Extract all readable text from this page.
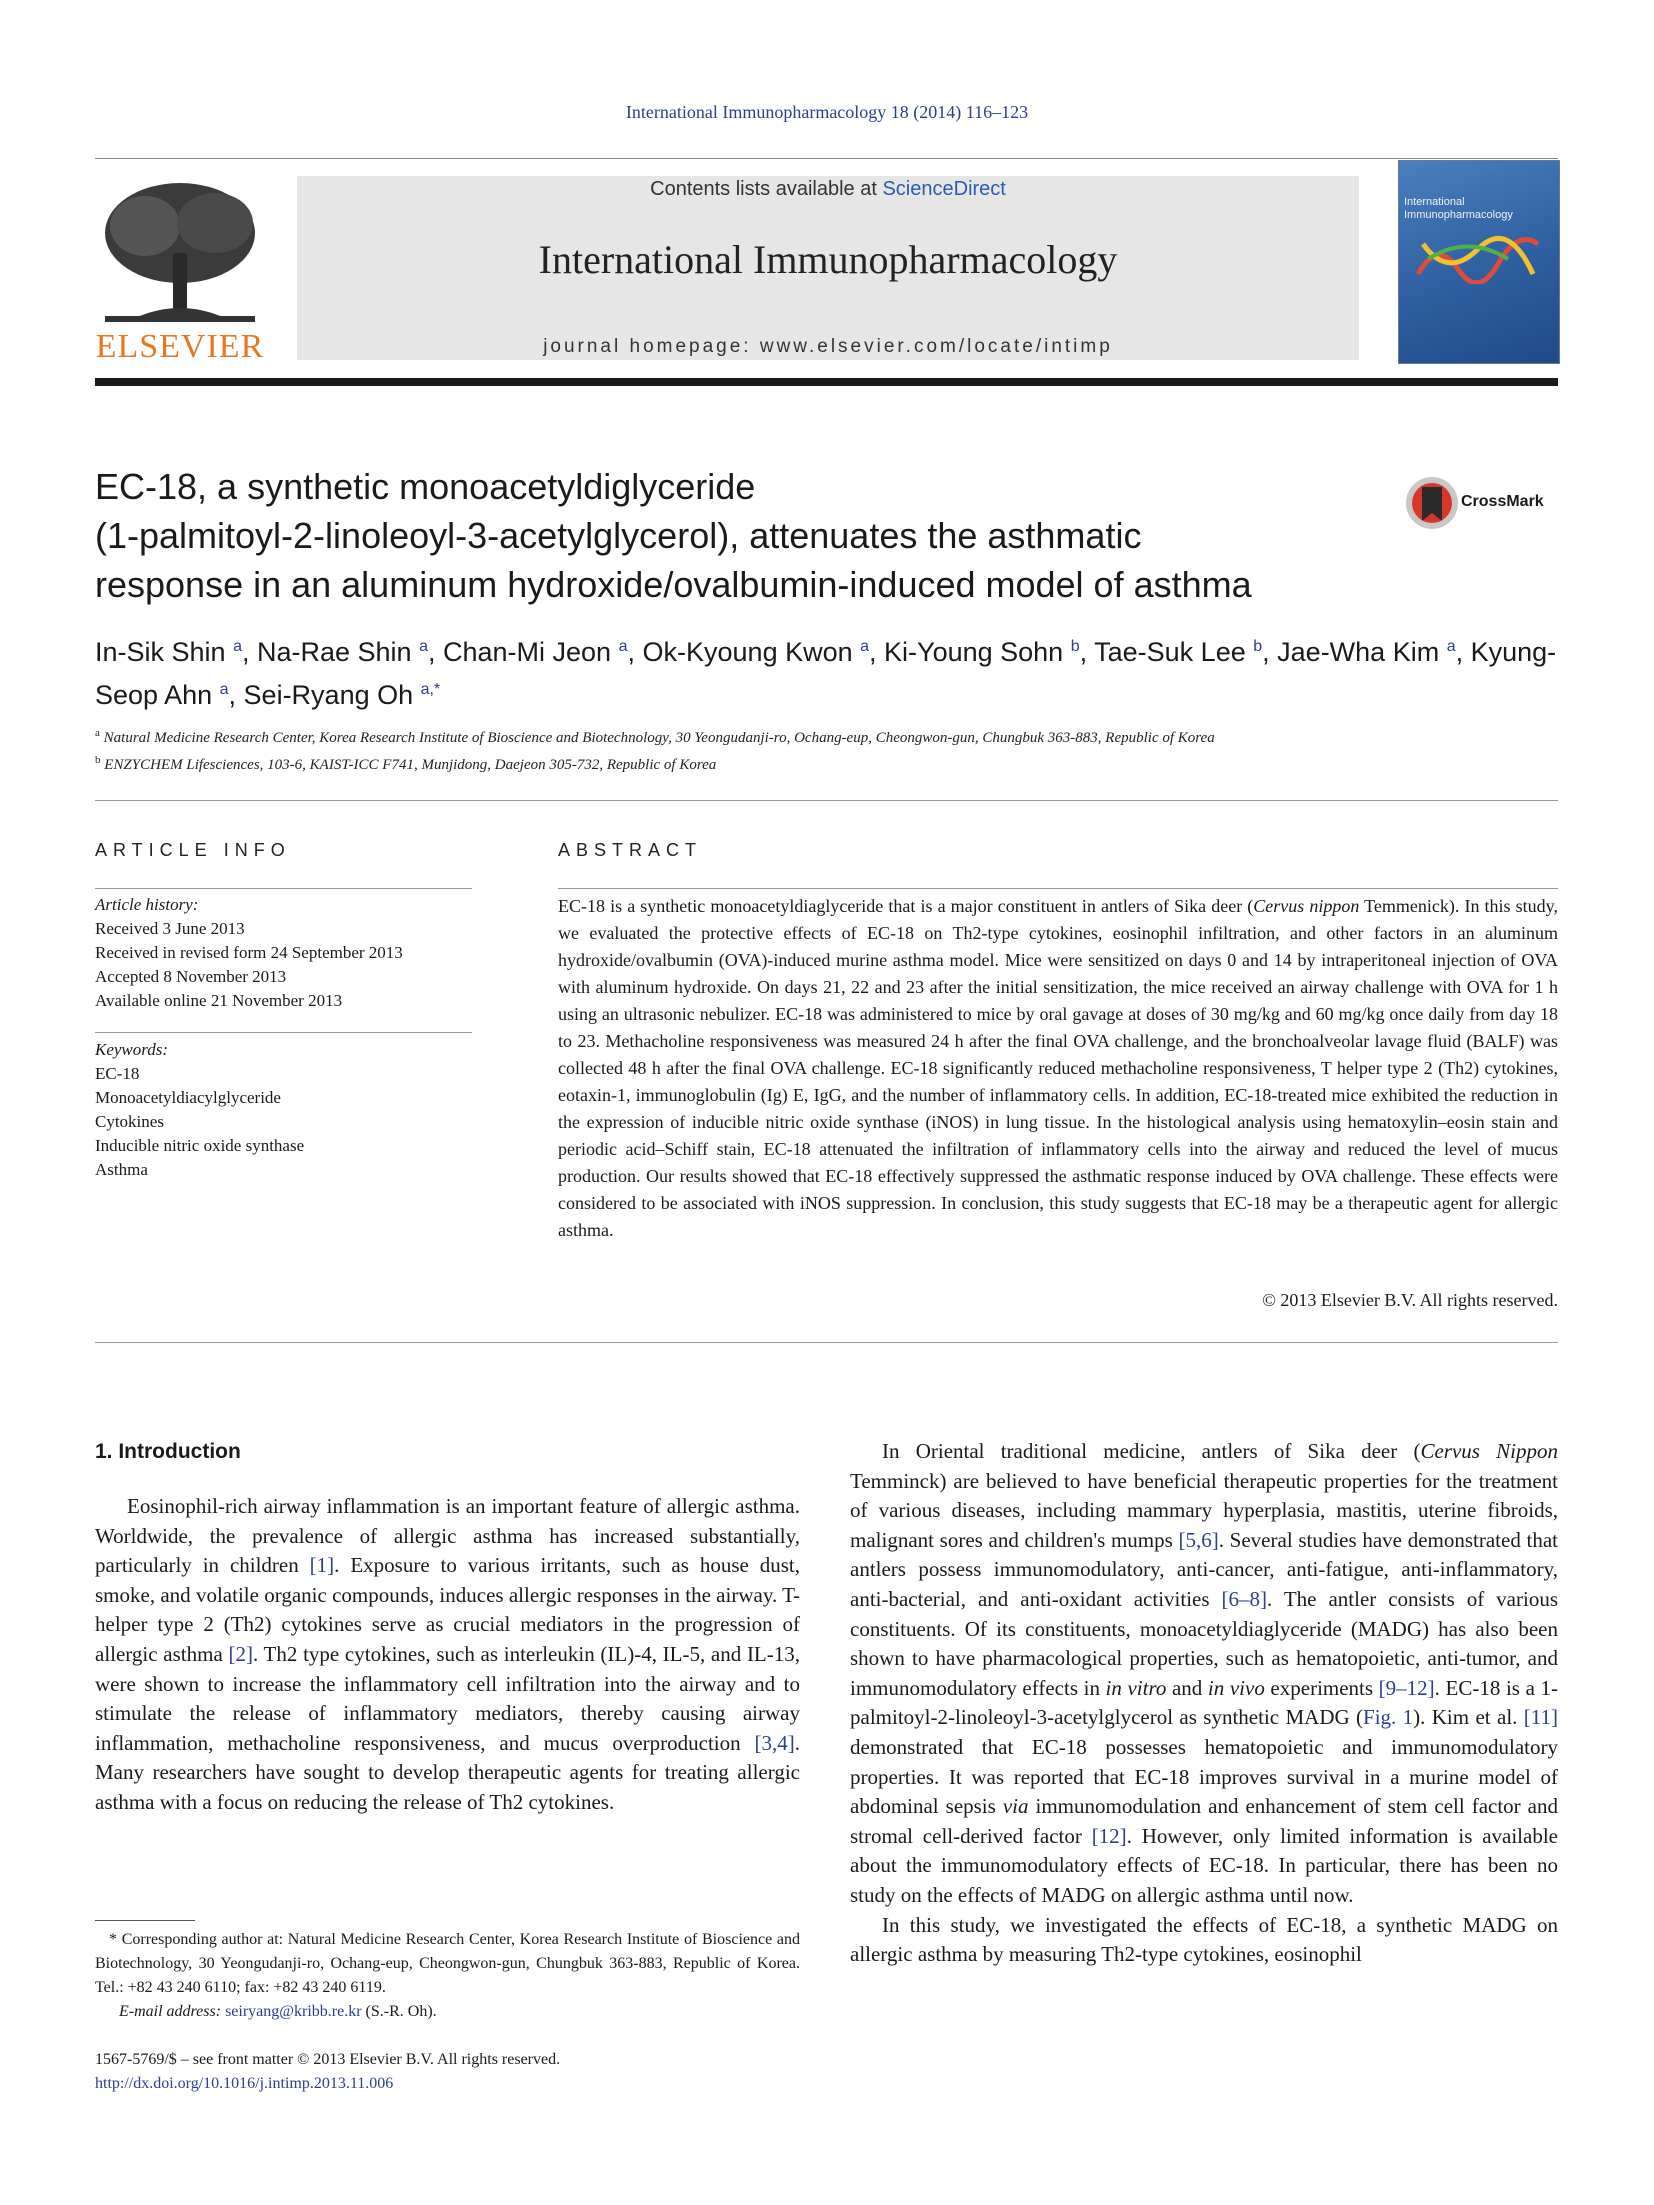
International Immunopharmacology 18 (2014) 116–123
ELSEVIER
Contents lists available at ScienceDirect
International Immunopharmacology
journal homepage: www.elsevier.com/locate/intimp
International Immunopharmacology
EC-18, a synthetic monoacetyldiglyceride
(1-palmitoyl-2-linoleoyl-3-acetylglycerol), attenuates the asthmatic
response in an aluminum hydroxide/ovalbumin-induced model of asthma
CrossMark
In-Sik Shin $^a$, Na-Rae Shin $^a$, Chan-Mi Jeon $^a$, Ok-Kyoung Kwon $^a$, Ki-Young Sohn $^b$, Tae-Suk Lee $^b$, Jae-Wha Kim $^a$, Kyung-Seop Ahn $^a$, Sei-Ryang Oh $^{a,*}$
$^a$ Natural Medicine Research Center, Korea Research Institute of Bioscience and Biotechnology, 30 Yeongudanji-ro, Ochang-eup, Cheongwon-gun, Chungbuk 363-883, Republic of Korea
$^b$ ENZYCHEM Lifesciences, 103-6, KAIST-ICC F741, Munjidong, Daejeon 305-732, Republic of Korea
ARTICLE INFO
Article history:
Received 3 June 2013
Received in revised form 24 September 2013
Accepted 8 November 2013
Available online 21 November 2013
Keywords:
EC-18
Monoacetyldiacylglyceride
Cytokines
Inducible nitric oxide synthase
Asthma
ABSTRACT
EC-18 is a synthetic monoacetyldiaglyceride that is a major constituent in antlers of Sika deer (Cervus nippon Temmenick). In this study, we evaluated the protective effects of EC-18 on Th2-type cytokines, eosinophil infiltration, and other factors in an aluminum hydroxide/ovalbumin (OVA)-induced murine asthma model. Mice were sensitized on days 0 and 14 by intraperitoneal injection of OVA with aluminum hydroxide. On days 21, 22 and 23 after the initial sensitization, the mice received an airway challenge with OVA for 1 h using an ultrasonic nebulizer. EC-18 was administered to mice by oral gavage at doses of 30 mg/kg and 60 mg/kg once daily from day 18 to 23. Methacholine responsiveness was measured 24 h after the final OVA challenge, and the bronchoalveolar lavage fluid (BALF) was collected 48 h after the final OVA challenge. EC-18 significantly reduced methacholine responsiveness, T helper type 2 (Th2) cytokines, eotaxin-1, immunoglobulin (Ig) E, IgG, and the number of inflammatory cells. In addition, EC-18-treated mice exhibited the reduction in the expression of inducible nitric oxide synthase (iNOS) in lung tissue. In the histological analysis using hematoxylin–eosin stain and periodic acid–Schiff stain, EC-18 attenuated the infiltration of inflammatory cells into the airway and reduced the level of mucus production. Our results showed that EC-18 effectively suppressed the asthmatic response induced by OVA challenge. These effects were considered to be associated with iNOS suppression. In conclusion, this study suggests that EC-18 may be a therapeutic agent for allergic asthma.
© 2013 Elsevier B.V. All rights reserved.
1. Introduction
Eosinophil-rich airway inflammation is an important feature of allergic asthma. Worldwide, the prevalence of allergic asthma has increased substantially, particularly in children [1]. Exposure to various irritants, such as house dust, smoke, and volatile organic compounds, induces allergic responses in the airway. T-helper type 2 (Th2) cytokines serve as crucial mediators in the progression of allergic asthma [2]. Th2 type cytokines, such as interleukin (IL)-4, IL-5, and IL-13, were shown to increase the inflammatory cell infiltration into the airway and to stimulate the release of inflammatory mediators, thereby causing airway inflammation, methacholine responsiveness, and mucus overproduction [3,4]. Many researchers have sought to develop therapeutic agents for treating allergic asthma with a focus on reducing the release of Th2 cytokines.

In Oriental traditional medicine, antlers of Sika deer (Cervus Nippon Temminck) are believed to have beneficial therapeutic properties for the treatment of various diseases, including mammary hyperplasia, mastitis, uterine fibroids, malignant sores and children's mumps [5,6]. Several studies have demonstrated that antlers possess immunomodulatory, anti-cancer, anti-fatigue, anti-inflammatory, anti-bacterial, and anti-oxidant activities [6–8]. The antler consists of various constituents. Of its constituents, monoacetyldiaglyceride (MADG) has also been shown to have pharmacological properties, such as hematopoietic, anti-tumor, and immunomodulatory effects in in vitro and in vivo experiments [9–12]. EC-18 is a 1-palmitoyl-2-linoleoyl-3-acetylglycerol as synthetic MADG (Fig. 1). Kim et al. [11] demonstrated that EC-18 possesses hematopoietic and immunomodulatory properties. It was reported that EC-18 improves survival in a murine model of abdominal sepsis via immunomodulation and enhancement of stem cell factor and stromal cell-derived factor [12]. However, only limited information is available about the immunomodulatory effects of EC-18. In particular, there has been no study on the effects of MADG on allergic asthma until now.

In this study, we investigated the effects of EC-18, a synthetic MADG on allergic asthma by measuring Th2-type cytokines, eosinophil

* Corresponding author at: Natural Medicine Research Center, Korea Research Institute of Bioscience and Biotechnology, 30 Yeongudanji-ro, Ochang-eup, Cheongwon-gun, Chungbuk 363-883, Republic of Korea. Tel.: +82 43 240 6110; fax: +82 43 240 6119.
E-mail address: seiryang@kribb.re.kr (S.-R. Oh).
1567-5769/$ – see front matter © 2013 Elsevier B.V. All rights reserved.
http://dx.doi.org/10.1016/j.intimp.2013.11.006
